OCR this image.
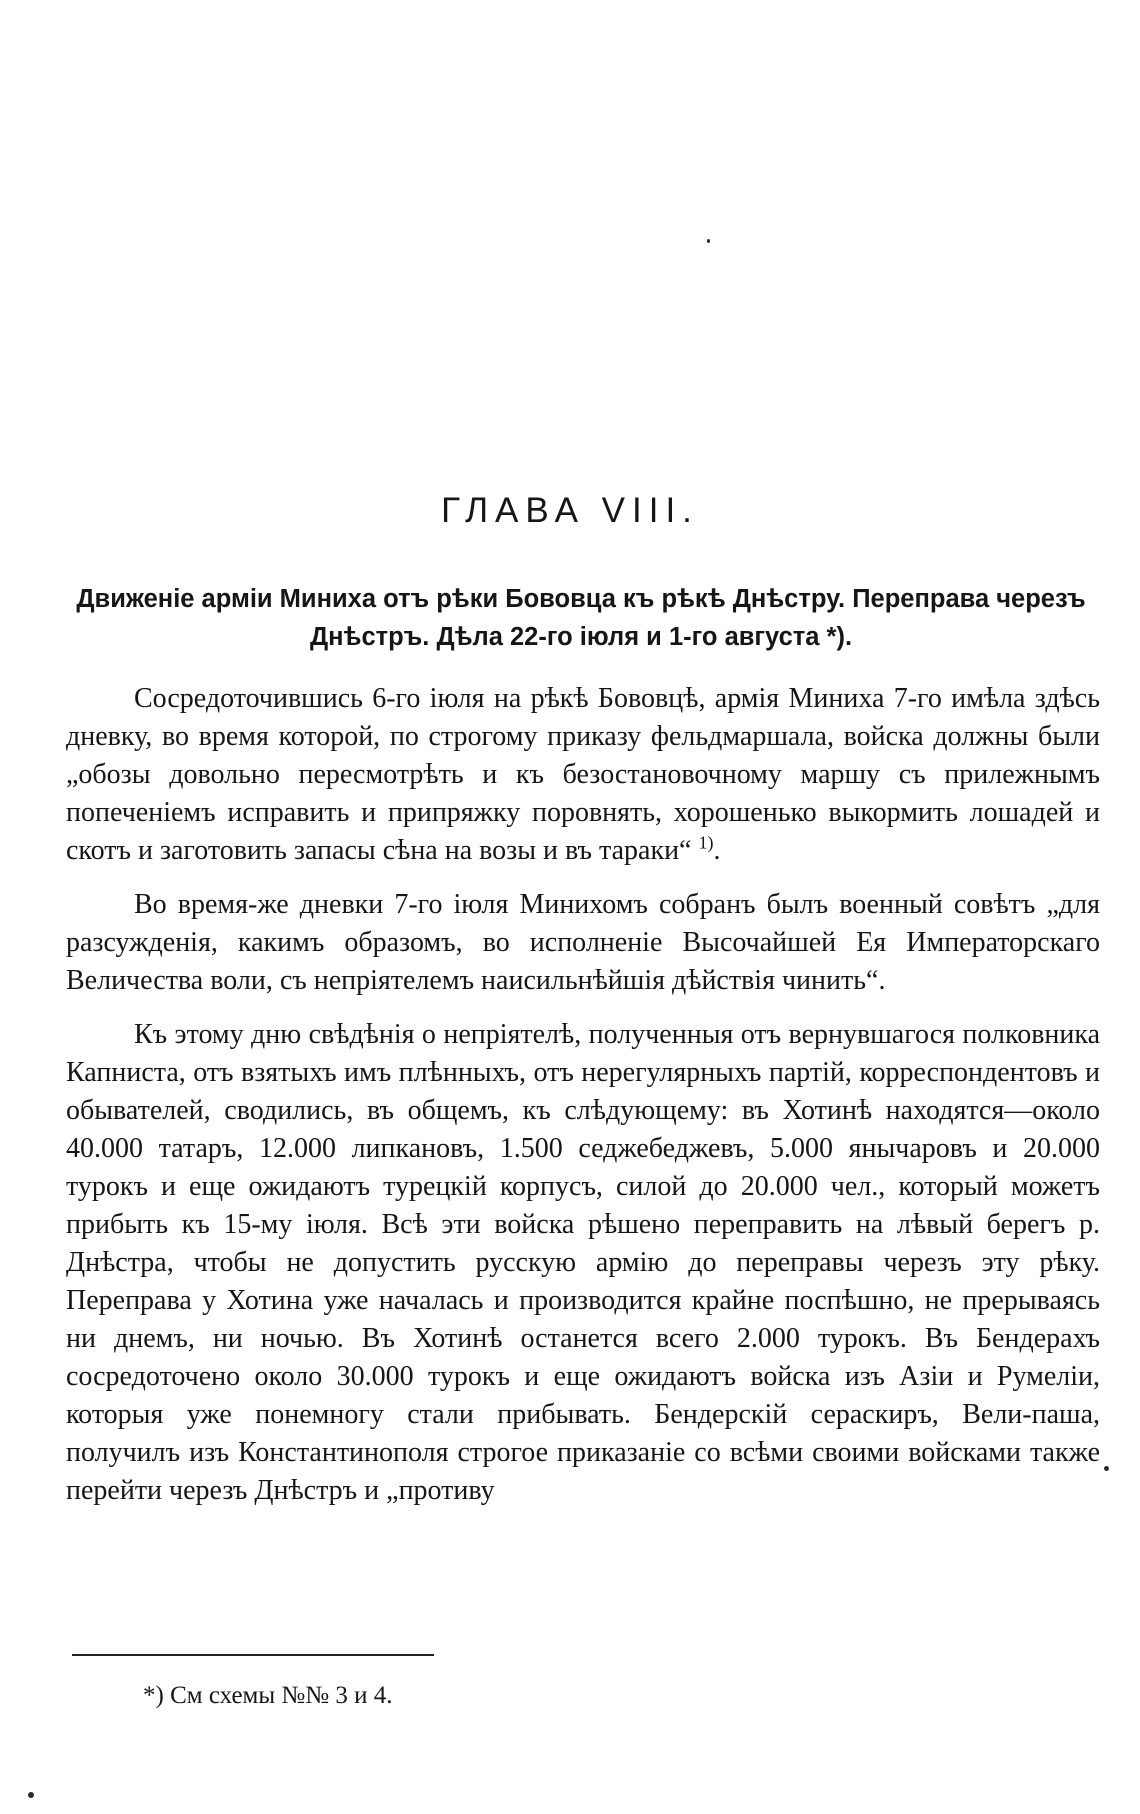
ГЛАВА VIII.
Движеніе арміи Миниха отъ рѣки Бововца къ рѣкѣ Днѣстру. Переправа черезъ Днѣстръ. Дѣла 22-го іюля и 1-го августа *).

Сосредоточившись 6-го іюля на рѣкѣ Бововцѣ, армія Миниха 7-го имѣла здѣсь дневку, во время которой, по строгому приказу фельдмаршала, войска должны были „обозы довольно пересмотрѣть и къ безостановочному маршу съ прилежнымъ попеченіемъ исправить и припряжку поровнять, хорошенько выкормить лошадей и скотъ и заготовить запасы сѣна на возы и въ тараки“ $^{1)}$.

Во время-же дневки 7-го іюля Минихомъ собранъ былъ военный совѣтъ „для разсужденія, какимъ образомъ, во исполненіе Высочайшей Ея Императорскаго Величества воли, съ непріятелемъ наисильнѣйшія дѣйствія чинить“.

Къ этому дню свѣдѣнія о непріятелѣ, полученныя отъ вернувшагося полковника Капниста, отъ взятыхъ имъ плѣнныхъ, отъ нерегулярныхъ партій, корреспондентовъ и обывателей, сводились, въ общемъ, къ слѣдующему: въ Хотинѣ находятся—около 40.000 татаръ, 12.000 липкановъ, 1.500 седжебеджевъ, 5.000 янычаровъ и 20.000 турокъ и еще ожидаютъ турецкій корпусъ, силой до 20.000 чел., который можетъ прибыть къ 15-му іюля. Всѣ эти войска рѣшено переправить на лѣвый берегъ р. Днѣстра, чтобы не допустить русскую армію до переправы черезъ эту рѣку. Переправа у Хотина уже началась и производится крайне поспѣшно, не прерываясь ни днемъ, ни ночью. Въ Хотинѣ останется всего 2.000 турокъ. Въ Бендерахъ сосредоточено около 30.000 турокъ и еще ожидаютъ войска изъ Азіи и Румеліи, которыя уже понемногу стали прибывать. Бендерскій сераскиръ, Вели-паша, получилъ изъ Константинополя строгое приказаніе со всѣми своими войсками также перейти черезъ Днѣстръ и „противу

*) См схемы №№ 3 и 4.
